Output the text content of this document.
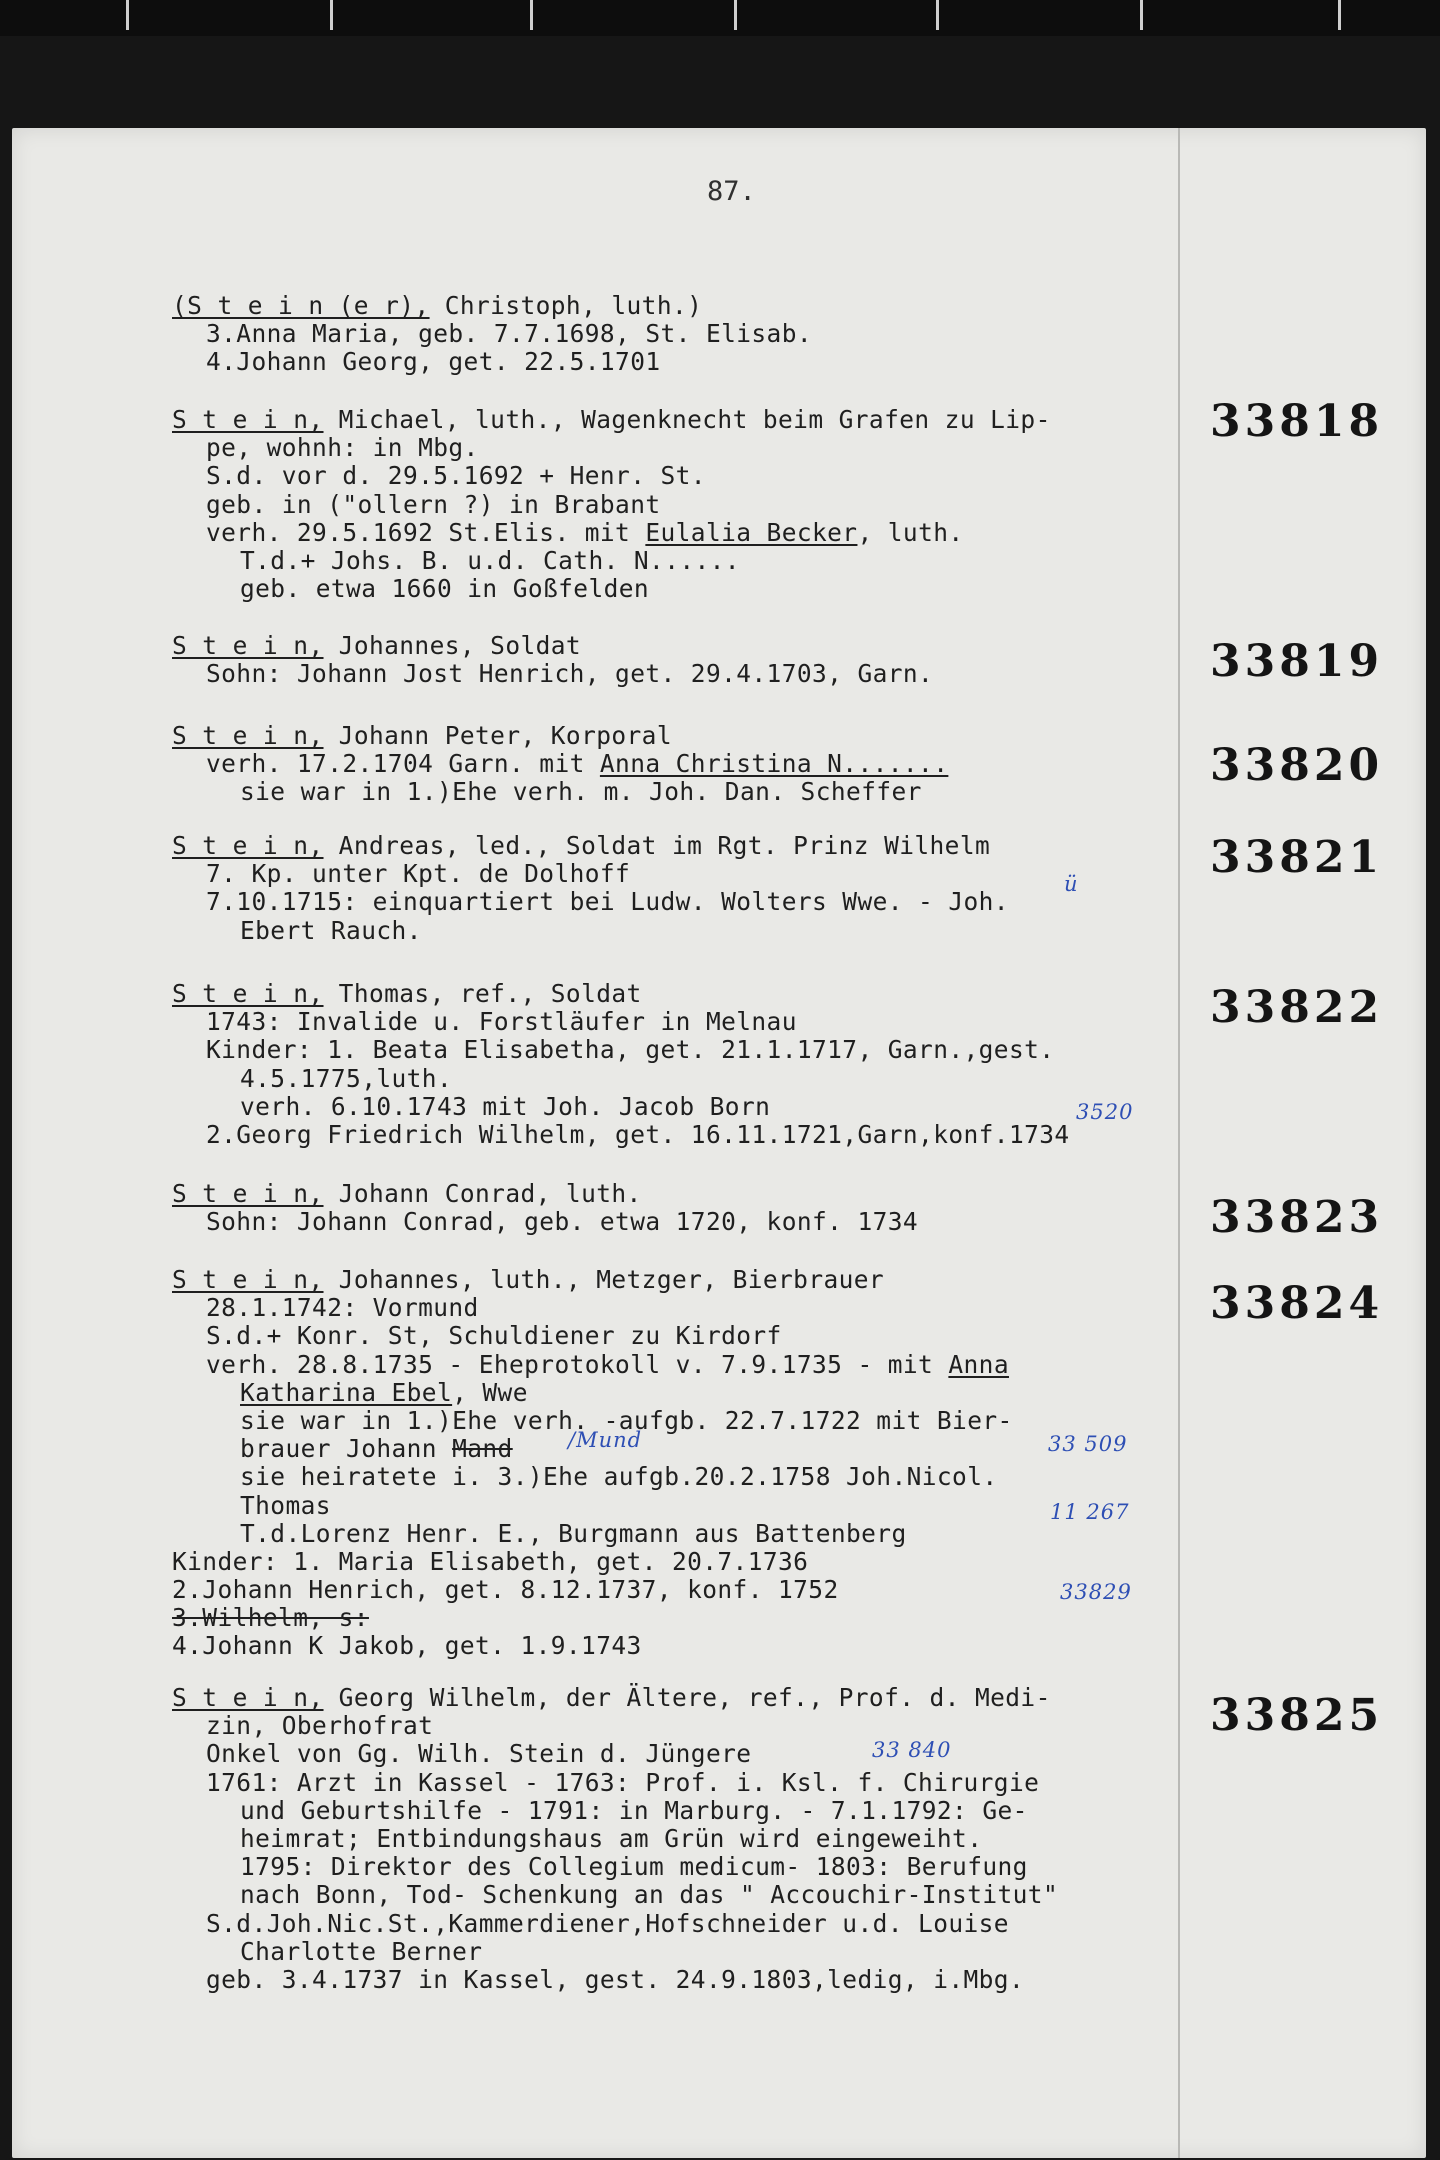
87.
(S t e i n (e r), Christoph, luth.)
3.Anna Maria, geb. 7.7.1698, St. Elisab.
4.Johann Georg, get. 22.5.1701
S t e i n, Michael, luth., Wagenknecht beim Grafen zu Lip-
pe, wohnh: in Mbg.
S.d. vor d. 29.5.1692 + Henr. St.
geb. in ("ollern ?) in Brabant
verh. 29.5.1692 St.Elis. mit Eulalia Becker, luth.
T.d.+ Johs. B. u.d. Cath. N......
geb. etwa 1660 in Goßfelden
33818
S t e i n, Johannes, Soldat
Sohn: Johann Jost Henrich, get. 29.4.1703, Garn.	33819
S t e i n, Johann Peter, Korporal
verh. 17.2.1704 Garn. mit Anna Christina N.......
sie war in 1.)Ehe verh. m. Joh. Dan. Scheffer
33820
S t e i n, Andreas, led., Soldat im Rgt. Prinz Wilhelm
7. Kp. unter Kpt. de Dolhoff
7.10.1715: einquartiert bei Ludw. Wolters Wwe. - Joh.
Ebert Rauch.
ü
33821
S t e i n, Thomas, ref., Soldat
1743: Invalide u. Forstläufer in Melnau
Kinder: 1. Beata Elisabetha, get. 21.1.1717, Garn.,gest.
4.5.1775,luth.
verh. 6.10.1743 mit Joh. Jacob Born
2.Georg Friedrich Wilhelm, get. 16.11.1721,Garn,konf.1734
3520
33822
S t e i n, Johann Conrad, luth.
Sohn: Johann Conrad, geb. etwa 1720, konf. 1734	33823
S t e i n, Johannes, luth., Metzger, Bierbrauer
28.1.1742: Vormund
S.d.+ Konr. St, Schuldiener zu Kirdorf
verh. 28.8.1735 - Eheprotokoll v. 7.9.1735 - mit Anna
Katharina Ebel, Wwe
sie war in 1.)Ehe verh. -aufgb. 22.7.1722 mit Bier-
brauer Johann Mand
sie heiratete i. 3.)Ehe aufgb.20.2.1758 Joh.Nicol.
Thomas
T.d.Lorenz Henr. E., Burgmann aus Battenberg
Kinder: 1. Maria Elisabeth, get. 20.7.1736
2.Johann Henrich, get. 8.12.1737, konf. 1752
3.Wilhelm, s:
4.Johann K Jakob, get. 1.9.1743
/Mund	33 509
11 267
33829
33824
S t e i n, Georg Wilhelm, der Ältere, ref., Prof. d. Medi-
zin, Oberhofrat
Onkel von Gg. Wilh. Stein d. Jüngere
1761: Arzt in Kassel - 1763: Prof. i. Ksl. f. Chirurgie
und Geburtshilfe - 1791: in Marburg. - 7.1.1792: Ge-
heimrat; Entbindungshaus am Grün wird eingeweiht.
1795: Direktor des Collegium medicum- 1803: Berufung
nach Bonn, Tod- Schenkung an das " Accouchir-Institut"
S.d.Joh.Nic.St.,Kammerdiener,Hofschneider u.d. Louise
Charlotte Berner
geb. 3.4.1737 in Kassel, gest. 24.9.1803,ledig, i.Mbg.
33 840
33825
